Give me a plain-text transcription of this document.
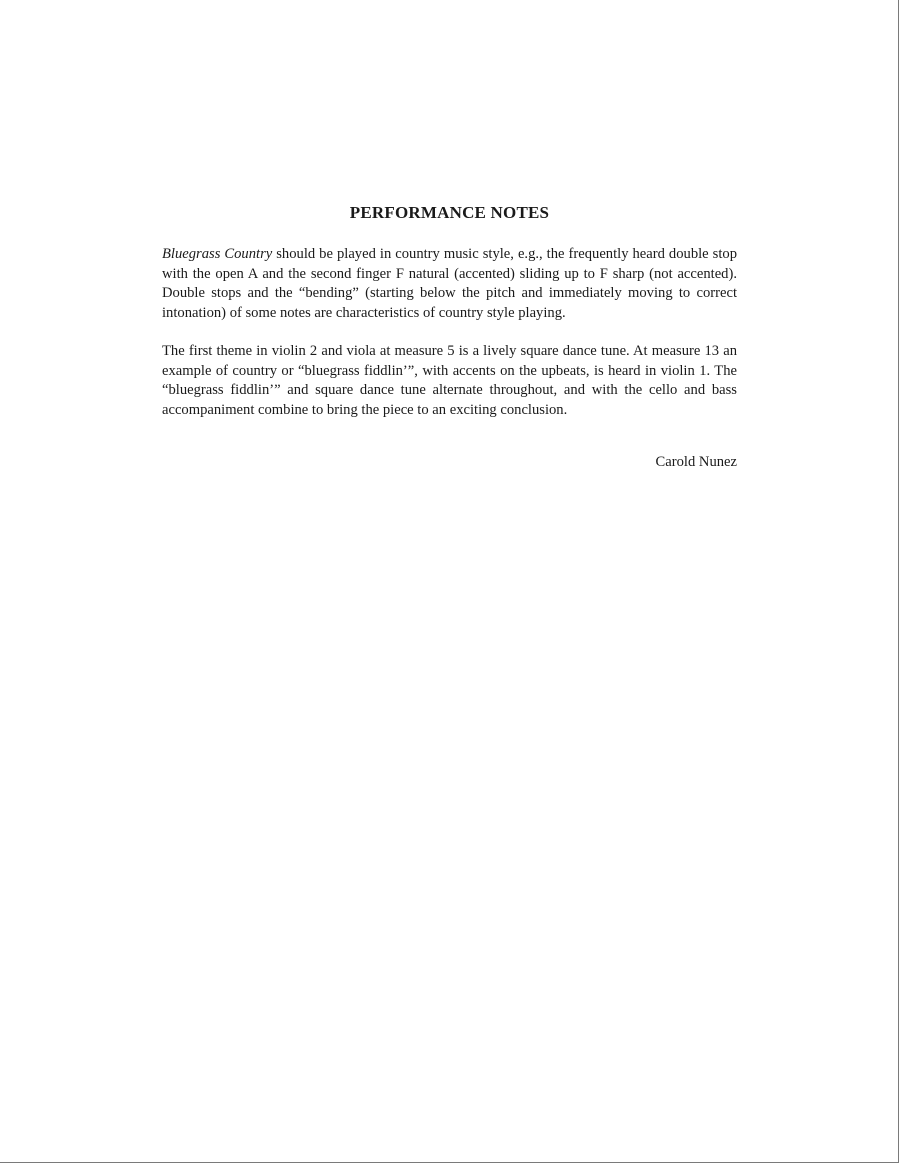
PERFORMANCE NOTES

Bluegrass Country should be played in country music style, e.g., the frequently heard double stop with the open A and the second finger F natural (accented) sliding up to F sharp (not accented). Double stops and the “bending” (starting below the pitch and immediately moving to correct intonation) of some notes are characteristics of country style playing.

The first theme in violin 2 and viola at measure 5 is a lively square dance tune. At measure 13 an example of country or “bluegrass fiddlin’”, with accents on the upbeats, is heard in violin 1. The “bluegrass fiddlin’” and square dance tune alternate throughout, and with the cello and bass accompaniment combine to bring the piece to an exciting conclusion.

Carold Nunez
